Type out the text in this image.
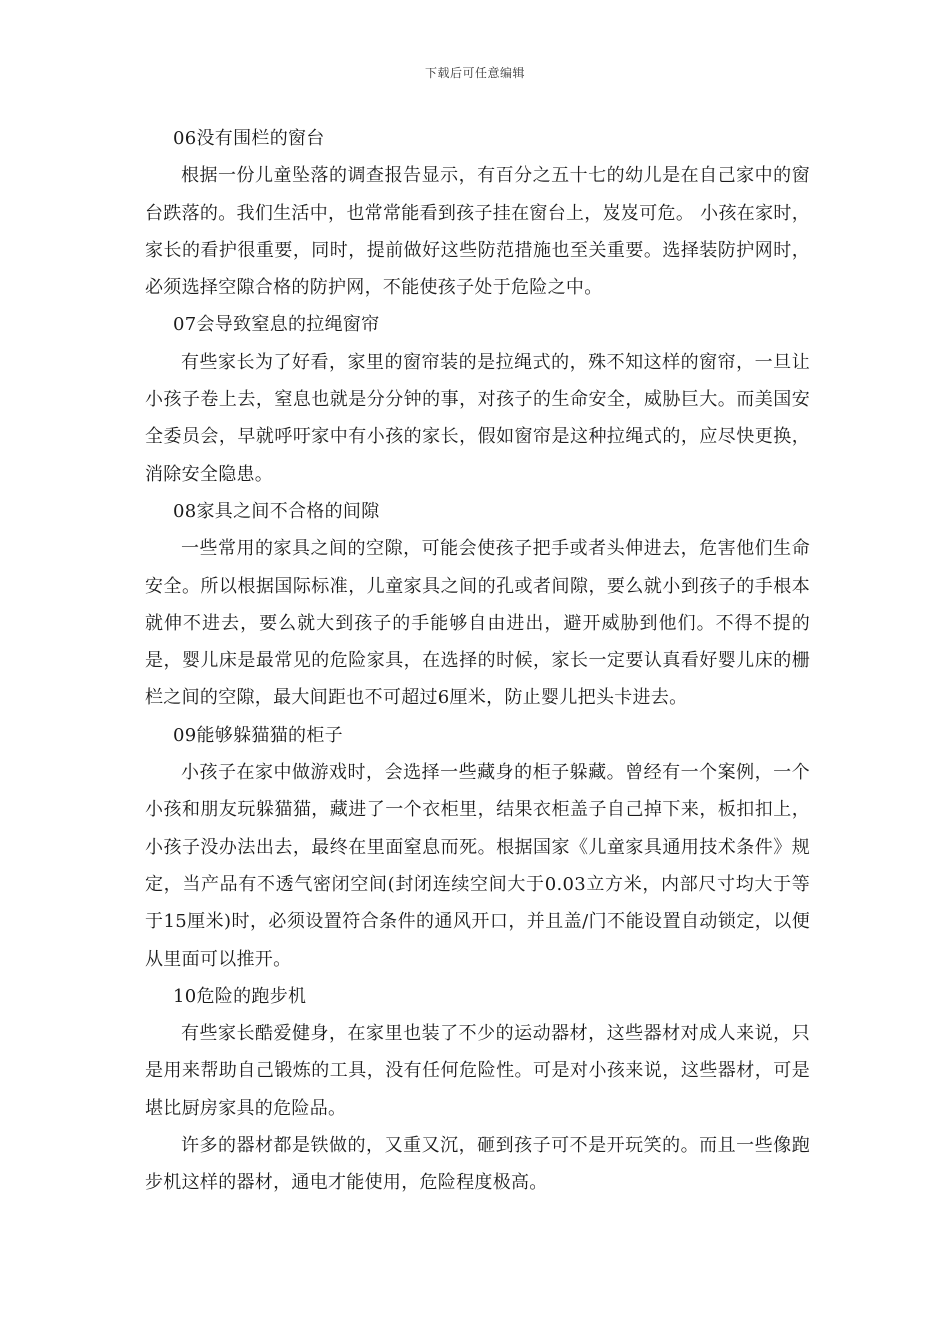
下载后可任意编辑

06没有围栏的窗台

根据一份儿童坠落的调查报告显示，有百分之五十七的幼儿是在自己家中的窗台跌落的。我们生活中，也常常能看到孩子挂在窗台上，岌岌可危。 小孩在家时，家长的看护很重要，同时，提前做好这些防范措施也至关重要。选择装防护网时，必须选择空隙合格的防护网，不能使孩子处于危险之中。

07会导致窒息的拉绳窗帘

有些家长为了好看，家里的窗帘装的是拉绳式的，殊不知这样的窗帘，一旦让小孩子卷上去，窒息也就是分分钟的事，对孩子的生命安全，威胁巨大。而美国安全委员会，早就呼吁家中有小孩的家长，假如窗帘是这种拉绳式的，应尽快更换，消除安全隐患。

08家具之间不合格的间隙

一些常用的家具之间的空隙，可能会使孩子把手或者头伸进去，危害他们生命安全。所以根据国际标准，儿童家具之间的孔或者间隙，要么就小到孩子的手根本就伸不进去，要么就大到孩子的手能够自由进出，避开威胁到他们。不得不提的是，婴儿床是最常见的危险家具，在选择的时候，家长一定要认真看好婴儿床的栅栏之间的空隙，最大间距也不可超过6厘米，防止婴儿把头卡进去。

09能够躲猫猫的柜子

小孩子在家中做游戏时，会选择一些藏身的柜子躲藏。曾经有一个案例，一个小孩和朋友玩躲猫猫，藏进了一个衣柜里，结果衣柜盖子自己掉下来，板扣扣上，小孩子没办法出去，最终在里面窒息而死。根据国家《儿童家具通用技术条件》规定，当产品有不透气密闭空间(封闭连续空间大于0.03立方米，内部尺寸均大于等于15厘米)时，必须设置符合条件的通风开口，并且盖/门不能设置自动锁定，以便从里面可以推开。

10危险的跑步机

有些家长酷爱健身，在家里也装了不少的运动器材，这些器材对成人来说，只是用来帮助自己锻炼的工具，没有任何危险性。可是对小孩来说，这些器材，可是堪比厨房家具的危险品。

许多的器材都是铁做的，又重又沉，砸到孩子可不是开玩笑的。而且一些像跑步机这样的器材，通电才能使用，危险程度极高。
